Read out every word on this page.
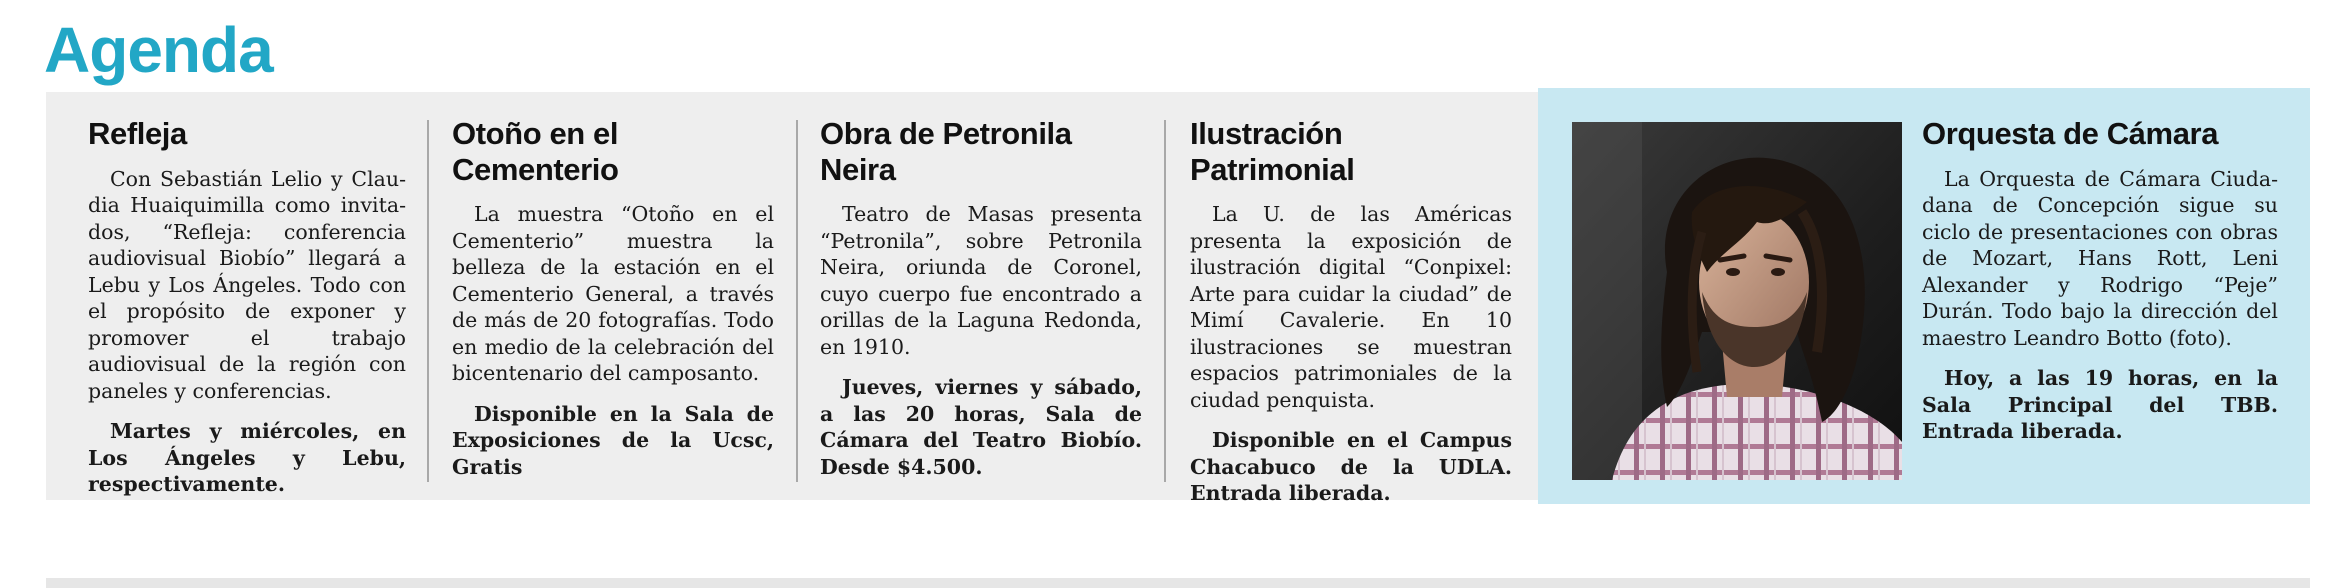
Agenda
Refleja

Con Sebastián Lelio y Claudia Huaiquimilla como invitados, “Refleja: conferencia audiovisual Biobío” llegará a Lebu y Los Ángeles. Todo con el propósito de exponer y promover el trabajo audiovisual de la región con paneles y conferencias.

Martes y miércoles, en Los Ángeles y Lebu, respectivamente.

Otoño en el Cementerio

La muestra “Otoño en el Cementerio” muestra la belleza de la estación en el Cementerio General, a través de más de 20 fotografías. Todo en medio de la celebración del bicentenario del camposanto.

Disponible en la Sala de Exposiciones de la Ucsc, Gratis

Obra de Petronila Neira

Teatro de Masas presenta “Petronila”, sobre Petronila Neira, oriunda de Coronel, cuyo cuerpo fue encontrado a orillas de la Laguna Redonda, en 1910.

Jueves, viernes y sábado, a las 20 horas, Sala de Cámara del Teatro Biobío. Desde $4.500.

Ilustración Patrimonial

La U. de las Américas presenta la exposición de ilustración digital “Conpixel: Arte para cuidar la ciudad” de Mimí Cavalerie. En 10 ilustraciones se muestran espacios patrimoniales de la ciudad penquista.

Disponible en el Campus Chacabuco de la UDLA. Entrada liberada.

Orquesta de Cámara

La Orquesta de Cámara Ciudadana de Concepción sigue su ciclo de presentaciones con obras de Mozart, Hans Rott, Leni Alexander y Rodrigo “Peje” Durán. Todo bajo la dirección del maestro Leandro Botto (foto).

Hoy, a las 19 horas, en la Sala Principal del TBB. Entrada liberada.
